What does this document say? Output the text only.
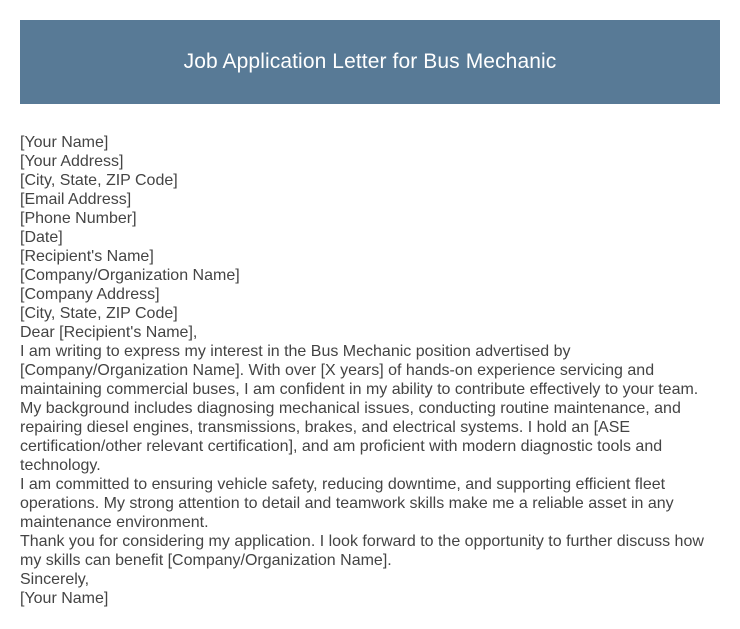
Job Application Letter for Bus Mechanic
[Your Name]
[Your Address]
[City, State, ZIP Code]
[Email Address]
[Phone Number]
[Date]
[Recipient's Name]
[Company/Organization Name]
[Company Address]
[City, State, ZIP Code]
Dear [Recipient's Name],
I am writing to express my interest in the Bus Mechanic position advertised by [Company/Organization Name]. With over [X years] of hands-on experience servicing and maintaining commercial buses, I am confident in my ability to contribute effectively to your team. My background includes diagnosing mechanical issues, conducting routine maintenance, and repairing diesel engines, transmissions, brakes, and electrical systems. I hold an [ASE certification/other relevant certification], and am proficient with modern diagnostic tools and technology.
I am committed to ensuring vehicle safety, reducing downtime, and supporting efficient fleet operations. My strong attention to detail and teamwork skills make me a reliable asset in any maintenance environment.
Thank you for considering my application. I look forward to the opportunity to further discuss how my skills can benefit [Company/Organization Name].
Sincerely,
[Your Name]
